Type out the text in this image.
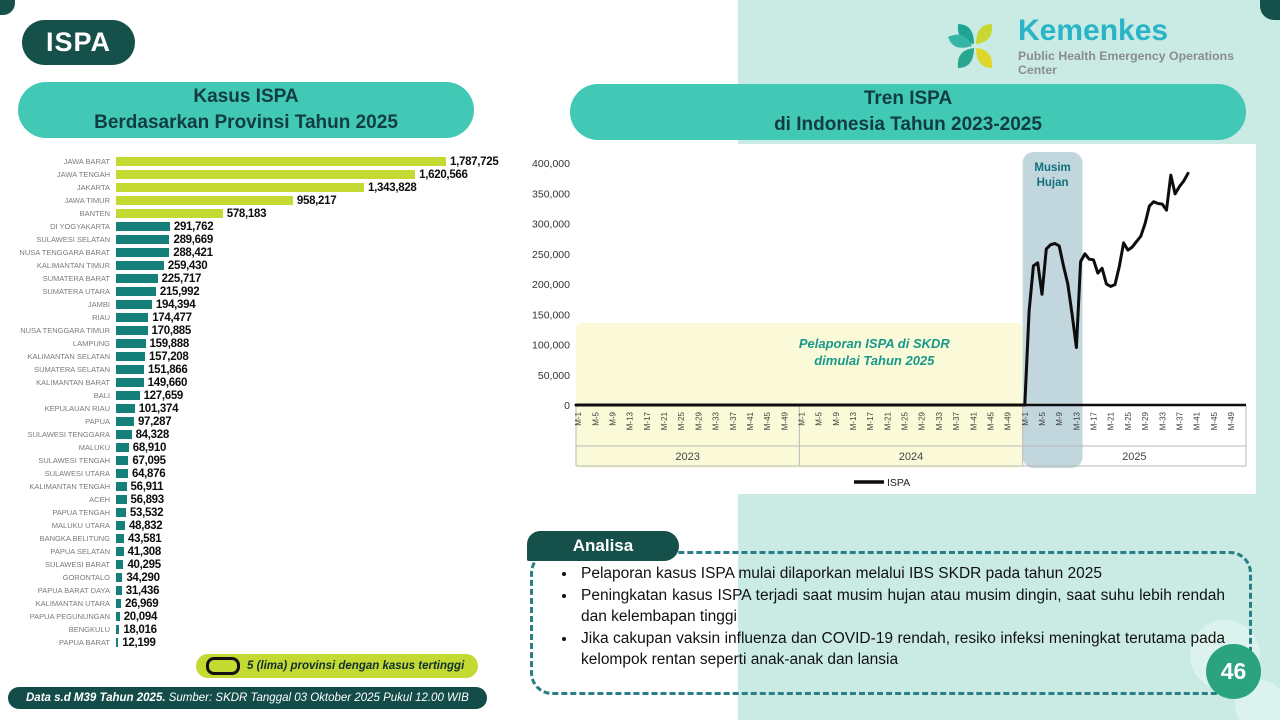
ISPA	Kemenkes
Public Health Emergency Operations Center
Kasus ISPA
Berdasarkan Provinsi Tahun 2025
Tren ISPA
di Indonesia Tahun 2023-2025
JAWA BARAT	1,787,725
JAWA TENGAH	1,620,566
JAKARTA	1,343,828
JAWA TIMUR	958,217
BANTEN	578,183
DI YOGYAKARTA	291,762
SULAWESI SELATAN	289,669
NUSA TENGGARA BARAT	288,421
KALIMANTAN TIMUR	259,430
SUMATERA BARAT	225,717
SUMATERA UTARA	215,992
JAMBI	194,394
RIAU	174,477
NUSA TENGGARA TIMUR	170,885
LAMPUNG	159,888
KALIMANTAN SELATAN	157,208
SUMATERA SELATAN	151,866
KALIMANTAN BARAT	149,660
BALI	127,659
KEPULAUAN RIAU	101,374
PAPUA	97,287
SULAWESI TENGGARA	84,328
MALUKU	68,910
SULAWESI TENGAH	67,095
SULAWESI UTARA	64,876
KALIMANTAN TENGAH	56,911
ACEH	56,893
PAPUA TENGAH	53,532
MALUKU UTARA	48,832
BANGKA BELITUNG	43,581
PAPUA SELATAN	41,308
SULAWESI BARAT	40,295
GORONTALO	34,290
PAPUA BARAT DAYA	31,436
KALIMANTAN UTARA	26,969
PAPUA PEGUNUNGAN	20,094
BENGKULU	18,016
PAPUA BARAT	12,199
5 (lima) provinsi dengan kasus tertinggi
Data s.d M39 Tahun 2025. Sumber: SKDR Tanggal 03 Oktober 2025 Pukul 12.00 WIB
Musim
Hujan
400,000
350,000
300,000
250,000
200,000
150,000
100,000
50,000
0
M-1 M-5 M-9 M-13 M-17 M-21 M-25 M-29 M-33 M-37 M-41 M-45 M-49
2023
M-1 M-5 M-9 M-13 M-17 M-21 M-25 M-29 M-33 M-37 M-41 M-45 M-49
2024
M-1 M-5 M-9 M-13 M-17 M-21 M-25 M-29 M-33 M-37 M-41 M-45 M-49
2025
Pelaporan ISPA di SKDR
dimulai Tahun 2025
ISPA
Analisa
• Pelaporan kasus ISPA mulai dilaporkan melalui IBS SKDR pada tahun 2025
• Peningkatan kasus ISPA terjadi saat musim hujan atau musim dingin, saat suhu lebih rendah dan kelembapan tinggi
• Jika cakupan vaksin influenza dan COVID-19 rendah, resiko infeksi meningkat terutama pada kelompok rentan seperti anak-anak dan lansia	46
